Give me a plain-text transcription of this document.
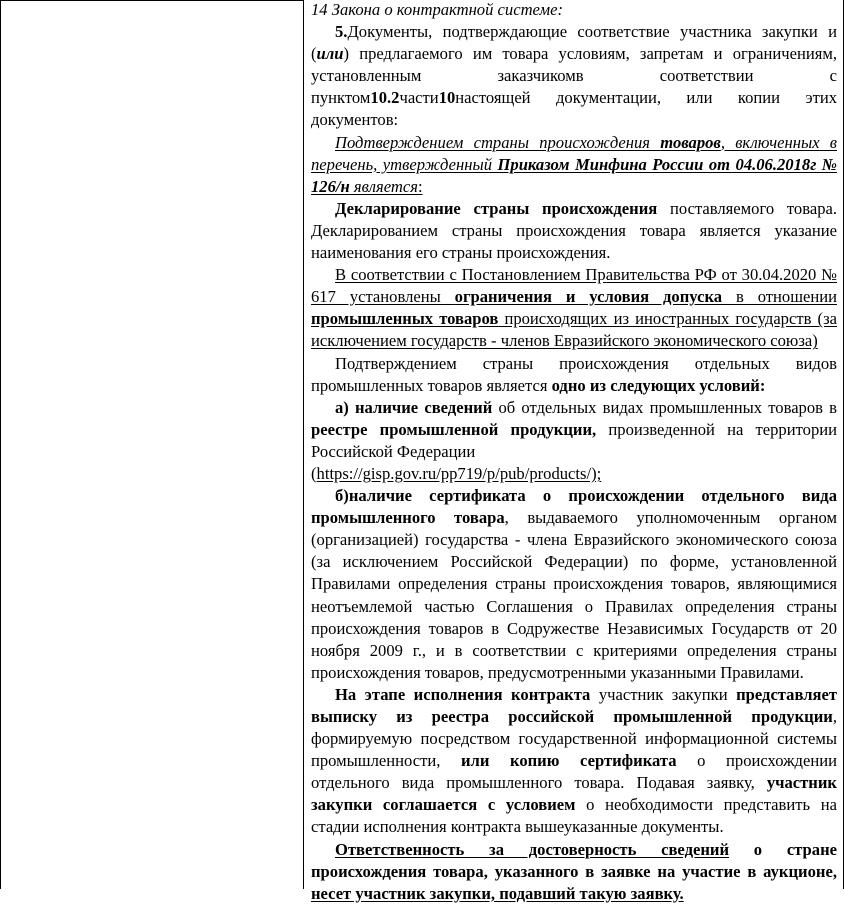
14 Закона о контрактной системе:

5.Документы, подтверждающие соответствие участника закупки и (или) предлагаемого им товара условиям, запретам и ограничениям, установленным заказчикомв соответствии с пунктом10.2части10настоящей документации, или копии этих документов:

Подтверждением страны происхождения товаров, включенных в перечень, утвержденный Приказом Минфина России от 04.06.2018г № 126/н является:

Декларирование страны происхождения поставляемого товара. Декларированием страны происхождения товара является указание наименования его страны происхождения.

В соответствии с Постановлением Правительства РФ от 30.04.2020 № 617 установлены ограничения и условия допуска в отношении промышленных товаров происходящих из иностранных государств (за исключением государств - членов Евразийского экономического союза)

Подтверждением страны происхождения отдельных видов промышленных товаров является одно из следующих условий:

а) наличие сведений об отдельных видах промышленных товаров в реестре промышленной продукции, произведенной на территории Российской Федерации

(https://gisp.gov.ru/pp719/p/pub/products/);

б)наличие сертификата о происхождении отдельного вида промышленного товара, выдаваемого уполномоченным органом (организацией) государства - члена Евразийского экономического союза (за исключением Российской Федерации) по форме, установленной Правилами определения страны происхождения товаров, являющимися неотъемлемой частью Соглашения о Правилах определения страны происхождения товаров в Содружестве Независимых Государств от 20 ноября 2009 г., и в соответствии с критериями определения страны происхождения товаров, предусмотренными указанными Правилами.

На этапе исполнения контракта участник закупки представляет выписку из реестра российской промышленной продукции, формируемую посредством государственной информационной системы промышленности, или копию сертификата о происхождении отдельного вида промышленного товара. Подавая заявку, участник закупки соглашается с условием о необходимости представить на стадии исполнения контракта вышеуказанные документы.

Ответственность за достоверность сведений о стране происхождения товара, указанного в заявке на участие в аукционе, несет участник закупки, подавший такую заявку.
